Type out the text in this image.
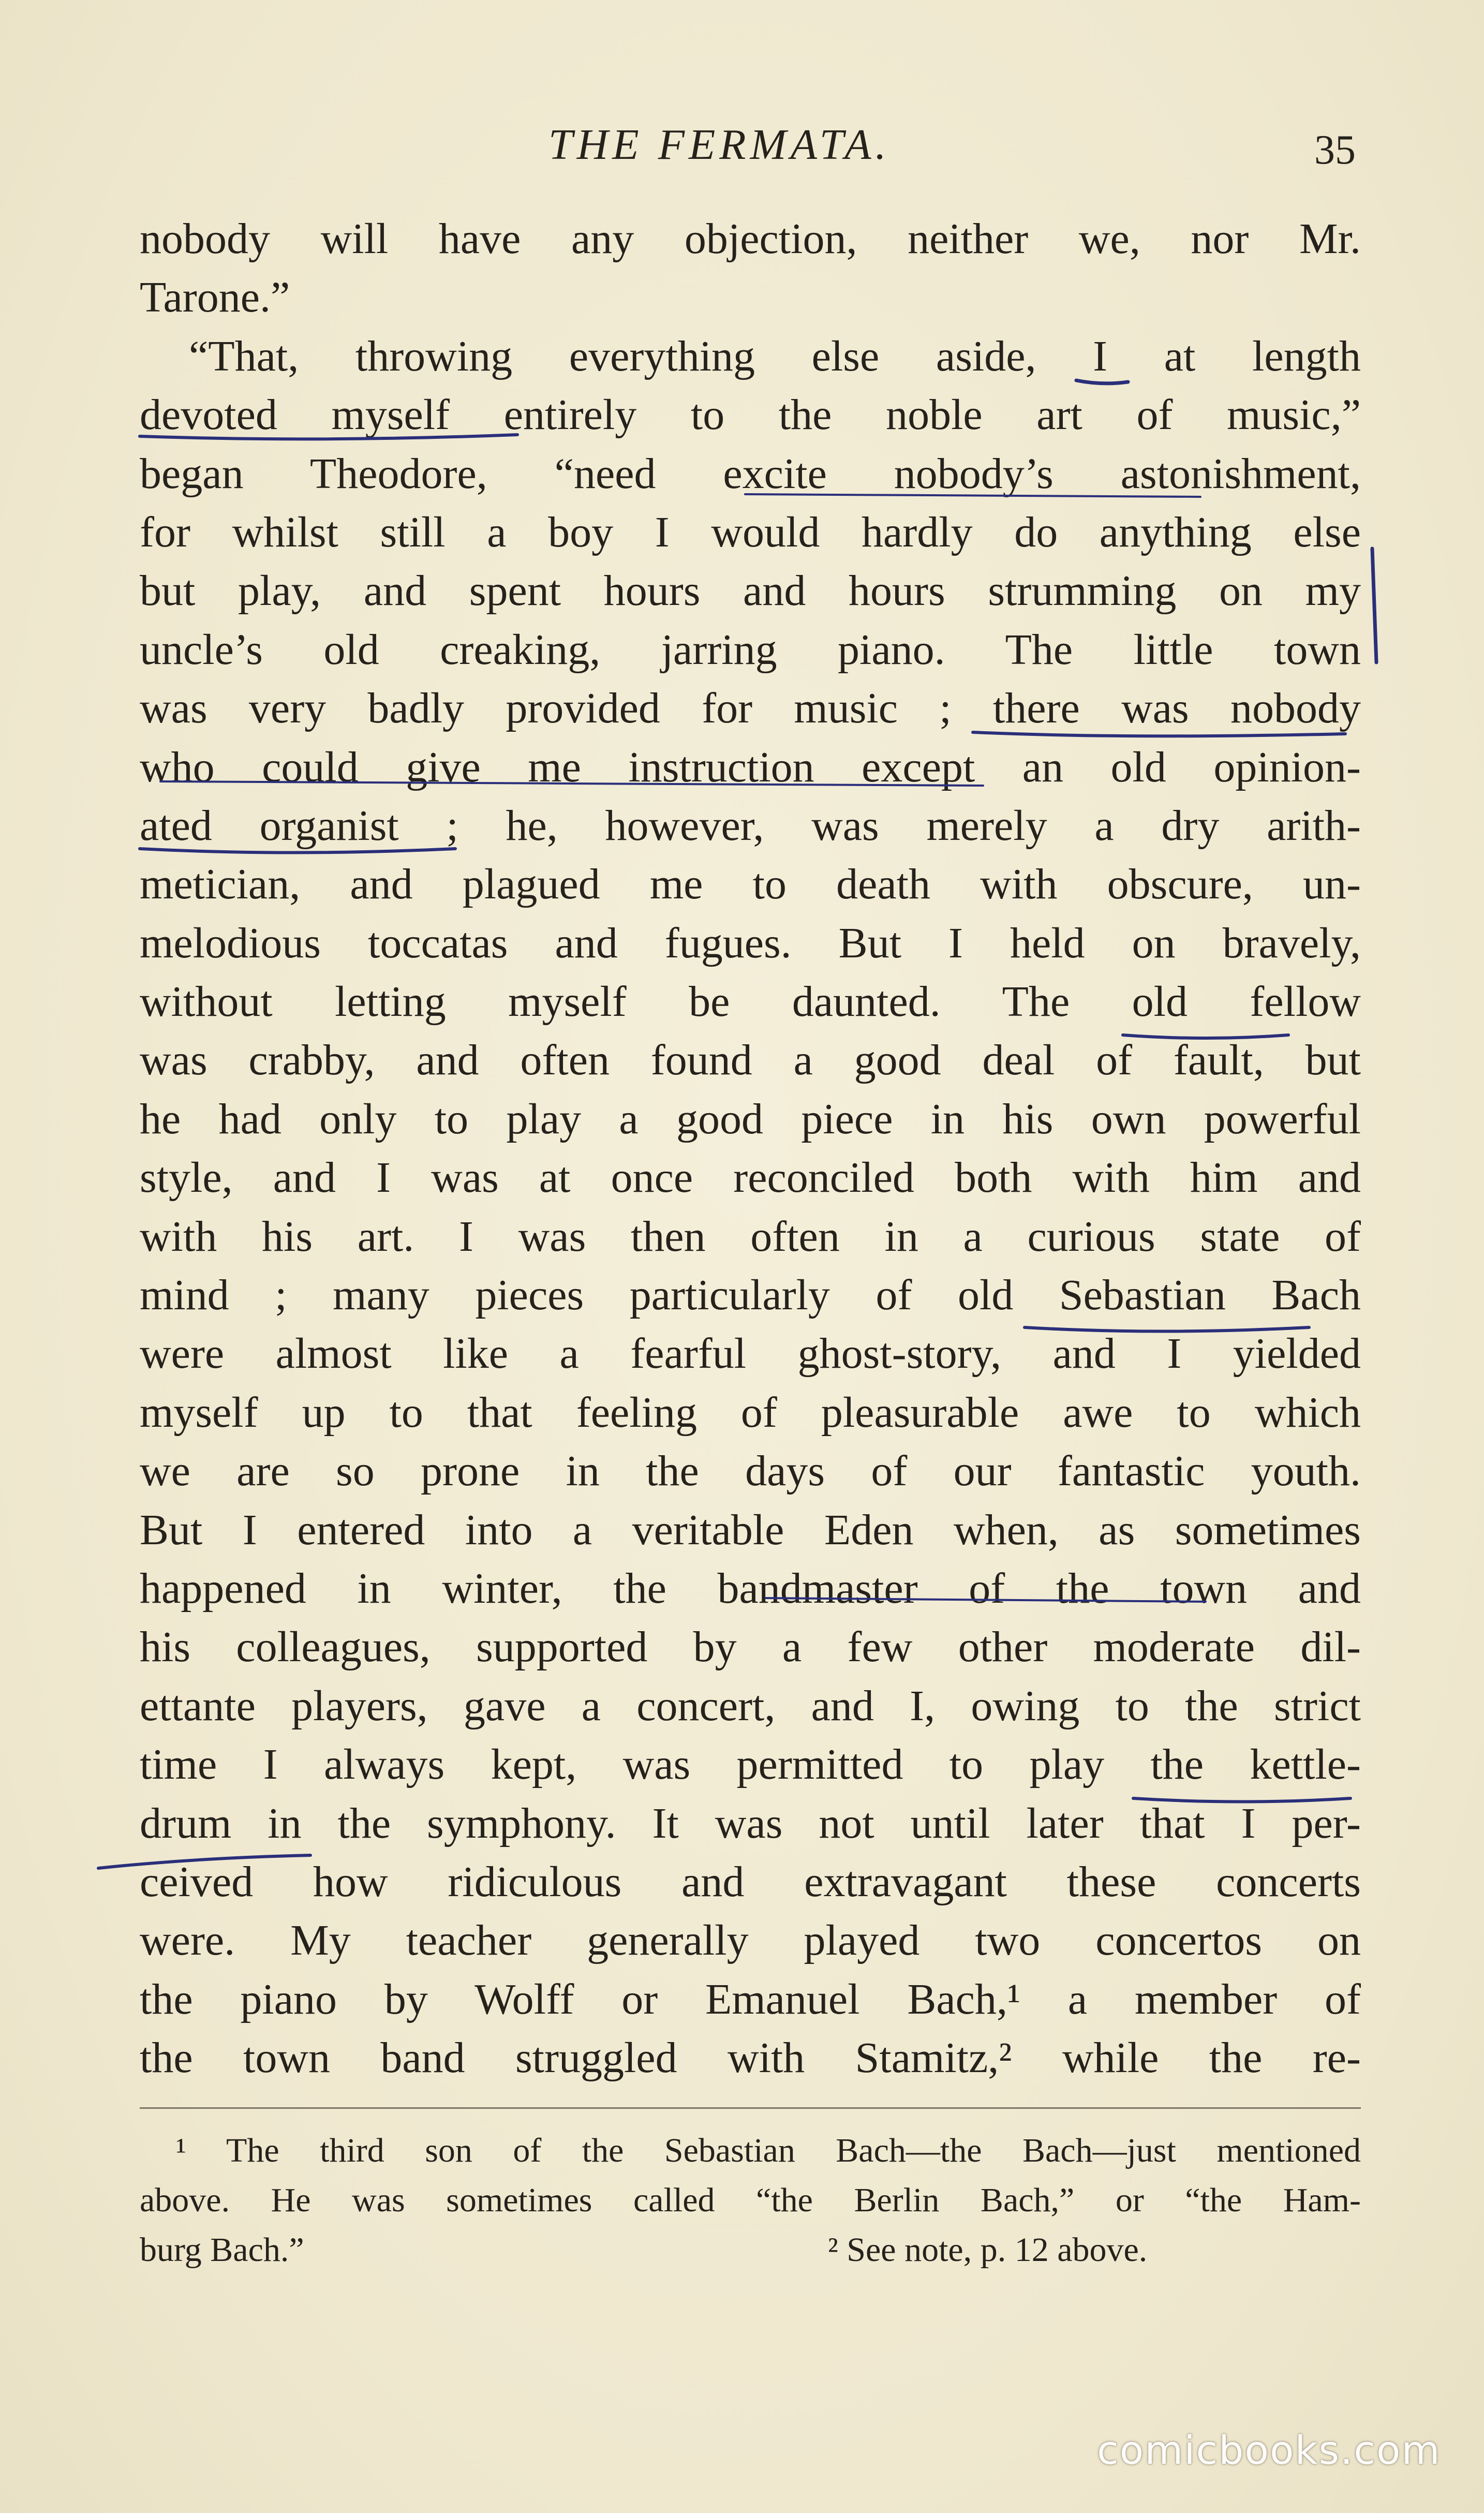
THE FERMATA.	35
nobody will have any objection, neither we, nor Mr.
Tarone.”
“That, throwing everything else aside, I at length
devoted myself entirely to the noble art of music,”
began Theodore, “need excite nobody’s astonishment,
for whilst still a boy I would hardly do anything else
but play, and spent hours and hours strumming on my
uncle’s old creaking, jarring piano. The little town
was very badly provided for music ; there was nobody
who could give me instruction except an old opinion-
ated organist ; he, however, was merely a dry arith-
metician, and plagued me to death with obscure, un-
melodious toccatas and fugues. But I held on bravely,
without letting myself be daunted. The old fellow
was crabby, and often found a good deal of fault, but
he had only to play a good piece in his own powerful
style, and I was at once reconciled both with him and
with his art. I was then often in a curious state of
mind ; many pieces particularly of old Sebastian Bach
were almost like a fearful ghost-story, and I yielded
myself up to that feeling of pleasurable awe to which
we are so prone in the days of our fantastic youth.
But I entered into a veritable Eden when, as sometimes
happened in winter, the bandmaster of the town and
his colleagues, supported by a few other moderate dil-
ettante players, gave a concert, and I, owing to the strict
time I always kept, was permitted to play the kettle-
drum in the symphony. It was not until later that I per-
ceived how ridiculous and extravagant these concerts
were. My teacher generally played two concertos on
the piano by Wolff or Emanuel Bach,¹ a member of
the town band struggled with Stamitz,² while the re-
¹ The third son of the Sebastian Bach—the Bach—just mentioned
above. He was sometimes called “the Berlin Bach,” or “the Ham-
burg Bach.”	² See note, p. 12 above.
comicbooks.com
